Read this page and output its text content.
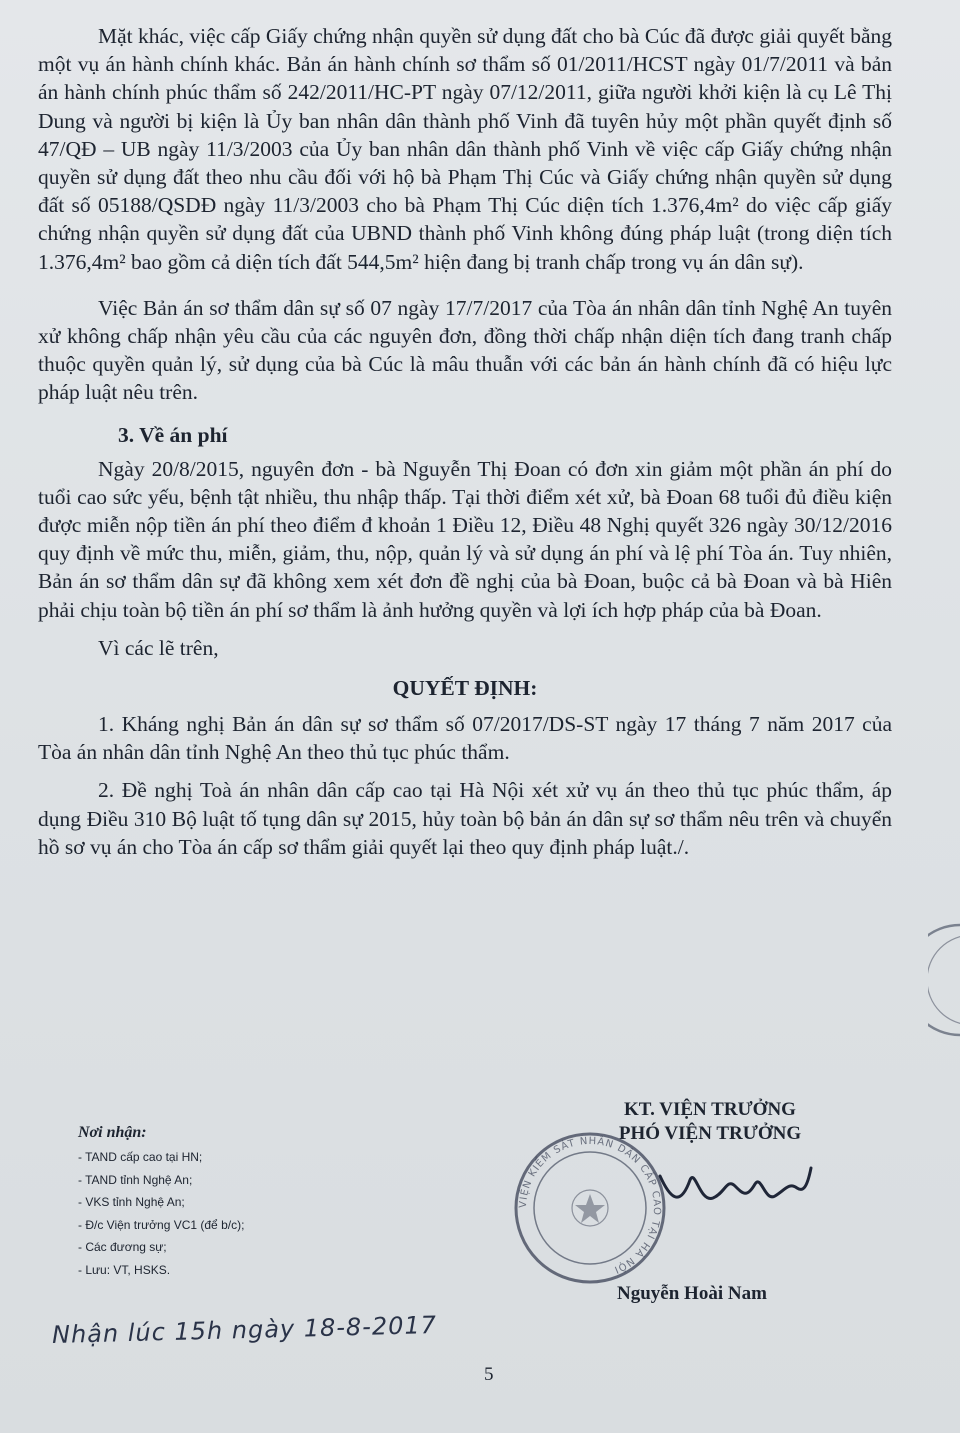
Mặt khác, việc cấp Giấy chứng nhận quyền sử dụng đất cho bà Cúc đã được giải quyết bằng một vụ án hành chính khác. Bản án hành chính sơ thẩm số 01/2011/HCST ngày 01/7/2011 và bản án hành chính phúc thẩm số 242/2011/HC-PT ngày 07/12/2011, giữa người khởi kiện là cụ Lê Thị Dung và người bị kiện là Ủy ban nhân dân thành phố Vinh đã tuyên hủy một phần quyết định số 47/QĐ – UB ngày 11/3/2003 của Ủy ban nhân dân thành phố Vinh về việc cấp Giấy chứng nhận quyền sử dụng đất theo nhu cầu đối với hộ bà Phạm Thị Cúc và Giấy chứng nhận quyền sử dụng đất số 05188/QSDĐ ngày 11/3/2003 cho bà Phạm Thị Cúc diện tích 1.376,4m² do việc cấp giấy chứng nhận quyền sử dụng đất của UBND thành phố Vinh không đúng pháp luật (trong diện tích 1.376,4m² bao gồm cả diện tích đất 544,5m² hiện đang bị tranh chấp trong vụ án dân sự).

Việc Bản án sơ thẩm dân sự số 07 ngày 17/7/2017 của Tòa án nhân dân tỉnh Nghệ An tuyên xử không chấp nhận yêu cầu của các nguyên đơn, đồng thời chấp nhận diện tích đang tranh chấp thuộc quyền quản lý, sử dụng của bà Cúc là mâu thuẫn với các bản án hành chính đã có hiệu lực pháp luật nêu trên.

3. Về án phí

Ngày 20/8/2015, nguyên đơn - bà Nguyễn Thị Đoan có đơn xin giảm một phần án phí do tuổi cao sức yếu, bệnh tật nhiều, thu nhập thấp. Tại thời điểm xét xử, bà Đoan 68 tuổi đủ điều kiện được miễn nộp tiền án phí theo điểm đ khoản 1 Điều 12, Điều 48 Nghị quyết 326 ngày 30/12/2016 quy định về mức thu, miễn, giảm, thu, nộp, quản lý và sử dụng án phí và lệ phí Tòa án. Tuy nhiên, Bản án sơ thẩm dân sự đã không xem xét đơn đề nghị của bà Đoan, buộc cả bà Đoan và bà Hiên phải chịu toàn bộ tiền án phí sơ thẩm là ảnh hưởng quyền và lợi ích hợp pháp của bà Đoan.

Vì các lẽ trên,

QUYẾT ĐỊNH:

1. Kháng nghị Bản án dân sự sơ thẩm số 07/2017/DS-ST ngày 17 tháng 7 năm 2017 của Tòa án nhân dân tỉnh Nghệ An theo thủ tục phúc thẩm.

2. Đề nghị Toà án nhân dân cấp cao tại Hà Nội xét xử vụ án theo thủ tục phúc thẩm, áp dụng Điều 310 Bộ luật tố tụng dân sự 2015, hủy toàn bộ bản án dân sự sơ thẩm nêu trên và chuyển hồ sơ vụ án cho Tòa án cấp sơ thẩm giải quyết lại theo quy định pháp luật./.

Nơi nhận:
- TAND cấp cao tại HN;
- TAND tỉnh Nghệ An;
- VKS tỉnh Nghệ An;
- Đ/c Viện trưởng VC1 (để b/c);
- Các đương sự;
- Lưu: VT, HSKS.
KT. VIỆN TRƯỞNG
PHÓ VIỆN TRƯỞNG
VIỆN KIỂM SÁT NHÂN DÂN CẤP CAO TẠI HÀ NỘI
Nguyễn Hoài Nam
Nhận lúc 15h ngày 18-8-2017
5
